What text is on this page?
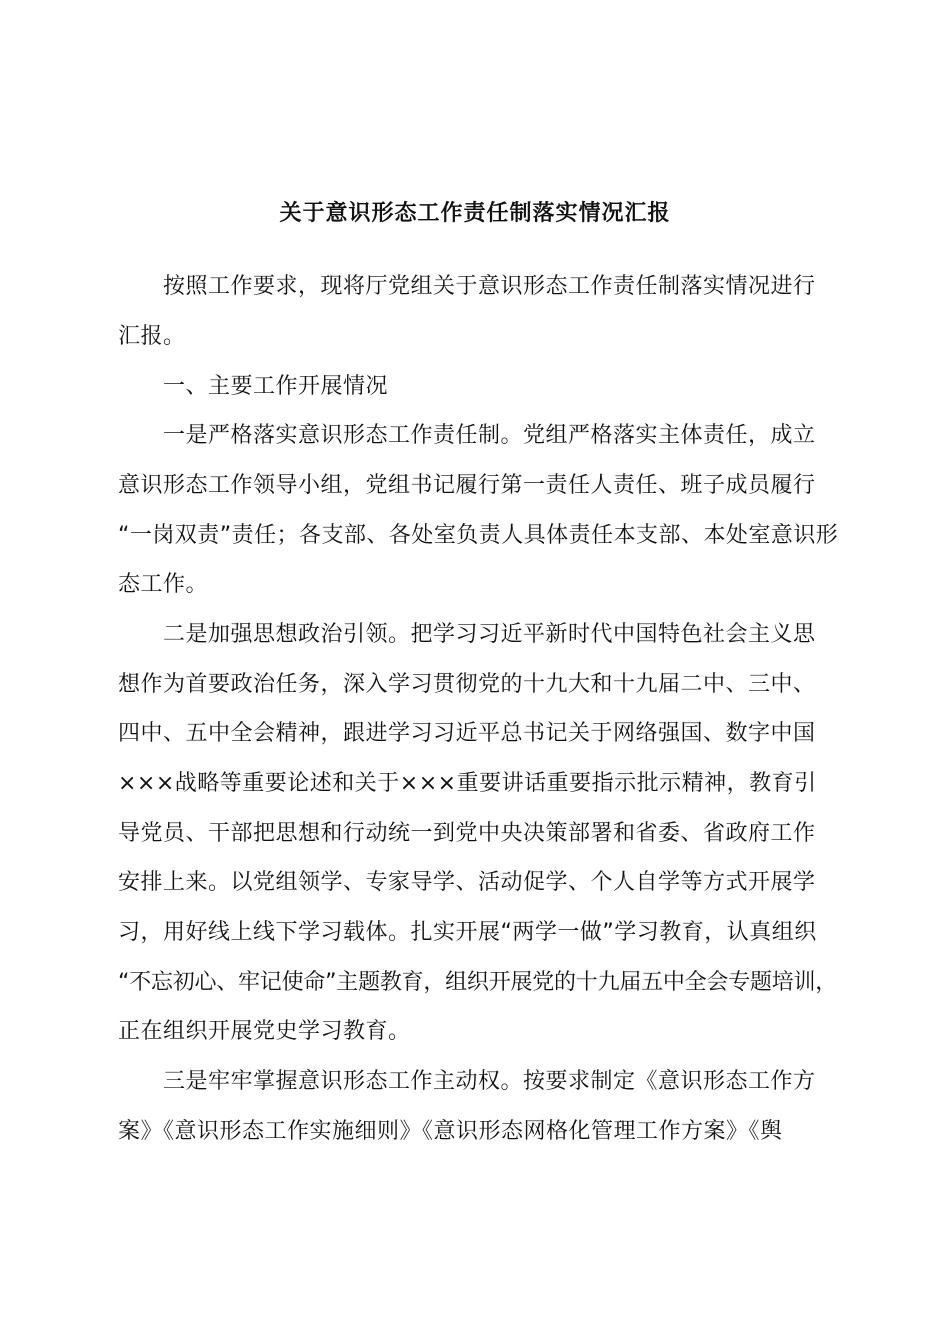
关于意识形态工作责任制落实情况汇报
按照工作要求，现将厅党组关于意识形态工作责任制落实情况进行
汇报。
一、主要工作开展情况
一是严格落实意识形态工作责任制。党组严格落实主体责任，成立
意识形态工作领导小组，党组书记履行第一责任人责任、班子成员履行
“一岗双责”责任；各支部、各处室负责人具体责任本支部、本处室意识形
态工作。
二是加强思想政治引领。把学习习近平新时代中国特色社会主义思
想作为首要政治任务，深入学习贯彻党的十九大和十九届二中、三中、
四中、五中全会精神，跟进学习习近平总书记关于网络强国、数字中国
×××战略等重要论述和关于×××重要讲话重要指示批示精神，教育引
导党员、干部把思想和行动统一到党中央决策部署和省委、省政府工作
安排上来。以党组领学、专家导学、活动促学、个人自学等方式开展学
习，用好线上线下学习载体。扎实开展“两学一做”学习教育，认真组织
“不忘初心、牢记使命”主题教育，组织开展党的十九届五中全会专题培训，
正在组织开展党史学习教育。
三是牢牢掌握意识形态工作主动权。按要求制定《意识形态工作方
案》《意识形态工作实施细则》《意识形态网格化管理工作方案》《舆
